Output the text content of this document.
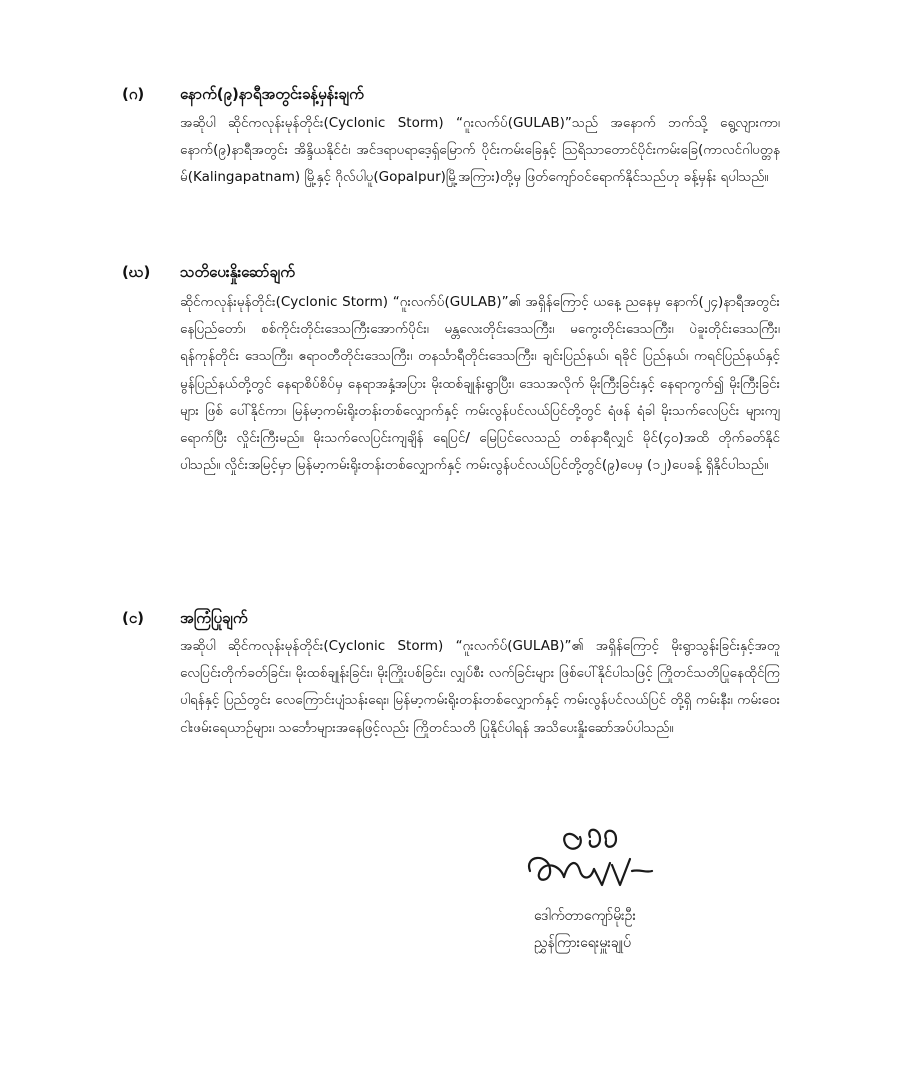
(ဂ) နောက်(၉)နာရီအတွင်းခန့်မှန်းချက်
အဆိုပါ ဆိုင်ကလုန်းမုန်တိုင်း(Cyclonic Storm) “ဂူးလက်ပ်(GULAB)”သည် အနောက် ဘက်သို့ ရွေ့လျားကာ၊ နောက်(၉)နာရီအတွင်း အိန္ဒိယနိုင်ငံ၊ အင်ဒရာပရာဒေ့ရှ်မြောက် ပိုင်းကမ်းခြေနှင့် ဩရိသာတောင်ပိုင်းကမ်းခြေ(ကာလင်ဂါပတ္တနမ်(Kalingapatnam) မြို့နှင့် ဂိုလ်ပါပူ(Gopalpur)မြို့အကြား)တို့မှ ဖြတ်ကျော်ဝင်ရောက်နိုင်သည်ဟု ခန့်မှန်း ရပါသည်။
(ဃ) သတိပေးနှိုးဆော်ချက်
ဆိုင်ကလုန်းမုန်တိုင်း(Cyclonic Storm) “ဂူးလက်ပ်(GULAB)”၏ အရှိန်ကြောင့် ယနေ့ ညနေမှ နောက်(၂၄)နာရီအတွင်း နေပြည်တော်၊ စစ်ကိုင်းတိုင်းဒေသကြီးအောက်ပိုင်း၊ မန္တလေးတိုင်းဒေသကြီး၊ မကွေးတိုင်းဒေသကြီး၊ ပဲခူးတိုင်းဒေသကြီး၊ ရန်ကုန်တိုင်း ဒေသကြီး၊ ဧရာဝတီတိုင်းဒေသကြီး၊ တနင်္သာရီတိုင်းဒေသကြီး၊ ချင်းပြည်နယ်၊ ရခိုင် ပြည်နယ်၊ ကရင်ပြည်နယ်နှင့် မွန်ပြည်နယ်တို့တွင် နေရာစိပ်စိပ်မှ နေရာအနှံ့အပြား မိုးထစ်ချုန်းရွာပြီး၊ ဒေသအလိုက် မိုးကြီးခြင်းနှင့် နေရာကွက်၍ မိုးကြီးခြင်းများ ဖြစ် ပေါ်နိုင်ကာ၊ မြန်မာ့ကမ်းရိုးတန်းတစ်လျှောက်နှင့် ကမ်းလွန်ပင်လယ်ပြင်တို့တွင် ရံဖန် ရံခါ မိုးသက်လေပြင်း များကျရောက်ပြီး လှိုင်းကြီးမည်။ မိုးသက်လေပြင်းကျချိန် ရေပြင်/ မြေပြင်လေသည် တစ်နာရီလျှင် မိုင်(၄၀)အထိ တိုက်ခတ်နိုင်ပါသည်။ လှိုင်းအမြင့်မှာ မြန်မာ့ကမ်းရိုးတန်းတစ်လျှောက်နှင့် ကမ်းလွန်ပင်လယ်ပြင်တို့တွင်(၉)ပေမှ (၁၂)ပေခန့် ရှိနိုင်ပါသည်။
(င) အကြံပြုချက်
အဆိုပါ ဆိုင်ကလုန်းမုန်တိုင်း(Cyclonic Storm) “ဂူးလက်ပ်(GULAB)”၏ အရှိန်ကြောင့် မိုးရွာသွန်းခြင်းနှင့်အတူ လေပြင်းတိုက်ခတ်ခြင်း၊ မိုးထစ်ချုန်းခြင်း၊ မိုးကြိုးပစ်ခြင်း၊ လျှပ်စီး လက်ခြင်းများ ဖြစ်ပေါ်နိုင်ပါသဖြင့် ကြိုတင်သတိပြုနေထိုင်ကြပါရန်နှင့် ပြည်တွင်း လေကြောင်းပျံသန်းရေး၊ မြန်မာ့ကမ်းရိုးတန်းတစ်လျှောက်နှင့် ကမ်းလွန်ပင်လယ်ပြင် တို့ရှိ ကမ်းနီး၊ ကမ်းဝေးငါးဖမ်းရေယာဉ်များ၊ သင်္ဘောများအနေဖြင့်လည်း ကြိုတင်သတိ ပြုနိုင်ပါရန် အသိပေးနှိုးဆော်အပ်ပါသည်။
ဒေါက်တာကျော်မိုးဦး
ညွှန်ကြားရေးမှူးချုပ်
